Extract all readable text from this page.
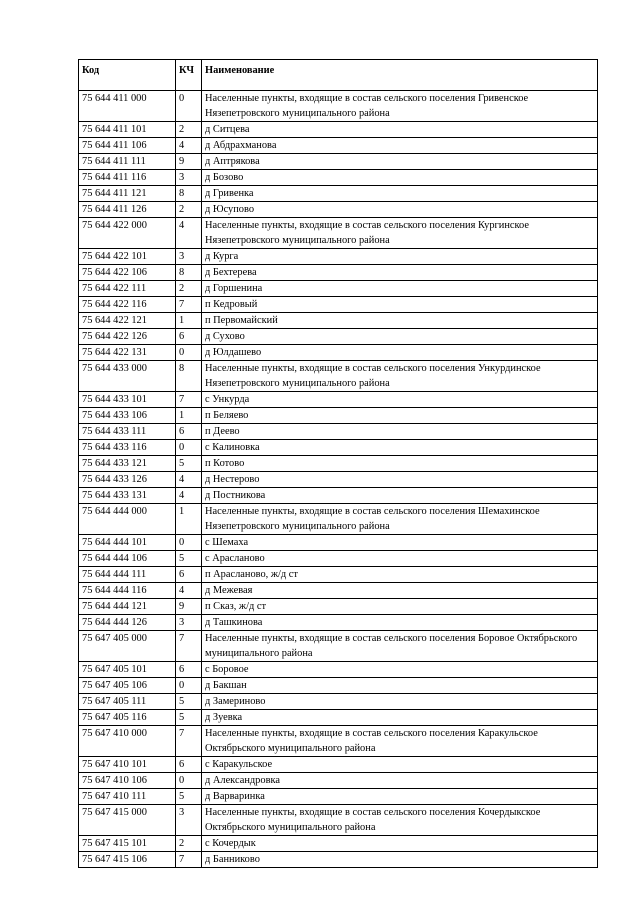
Код	КЧ	Наименование
75 644 411 000	0	Населенные пункты, входящие в состав сельского поселения Гривенское Нязепетровского муниципального района
75 644 411 101	2	д Ситцева
75 644 411 106	4	д Абдрахманова
75 644 411 111	9	д Аптрякова
75 644 411 116	3	д Бозово
75 644 411 121	8	д Гривенка
75 644 411 126	2	д Юсупово
75 644 422 000	4	Населенные пункты, входящие в состав сельского поселения Кургинское Нязепетровского муниципального района
75 644 422 101	3	д Курга
75 644 422 106	8	д Бехтерева
75 644 422 111	2	д Горшенина
75 644 422 116	7	п Кедровый
75 644 422 121	1	п Первомайский
75 644 422 126	6	д Сухово
75 644 422 131	0	д Юлдашево
75 644 433 000	8	Населенные пункты, входящие в состав сельского поселения Ункурдинское Нязепетровского муниципального района
75 644 433 101	7	с Ункурда
75 644 433 106	1	п Беляево
75 644 433 111	6	п Деево
75 644 433 116	0	с Калиновка
75 644 433 121	5	п Котово
75 644 433 126	4	д Нестерово
75 644 433 131	4	д Постникова
75 644 444 000	1	Населенные пункты, входящие в состав сельского поселения Шемахинское Нязепетровского муниципального района
75 644 444 101	0	с Шемаха
75 644 444 106	5	с Арасланово
75 644 444 111	6	п Арасланово, ж/д ст
75 644 444 116	4	д Межевая
75 644 444 121	9	п Сказ, ж/д ст
75 644 444 126	3	д Ташкинова
75 647 405 000	7	Населенные пункты, входящие в состав сельского поселения Боровое Октябрьского муниципального района
75 647 405 101	6	с Боровое
75 647 405 106	0	д Бакшан
75 647 405 111	5	д Замериново
75 647 405 116	5	д Зуевка
75 647 410 000	7	Населенные пункты, входящие в состав сельского поселения Каракульское Октябрьского муниципального района
75 647 410 101	6	с Каракульское
75 647 410 106	0	д Александровка
75 647 410 111	5	д Варваринка
75 647 415 000	3	Населенные пункты, входящие в состав сельского поселения Кочердыкское Октябрьского муниципального района
75 647 415 101	2	с Кочердык
75 647 415 106	7	д Банниково
